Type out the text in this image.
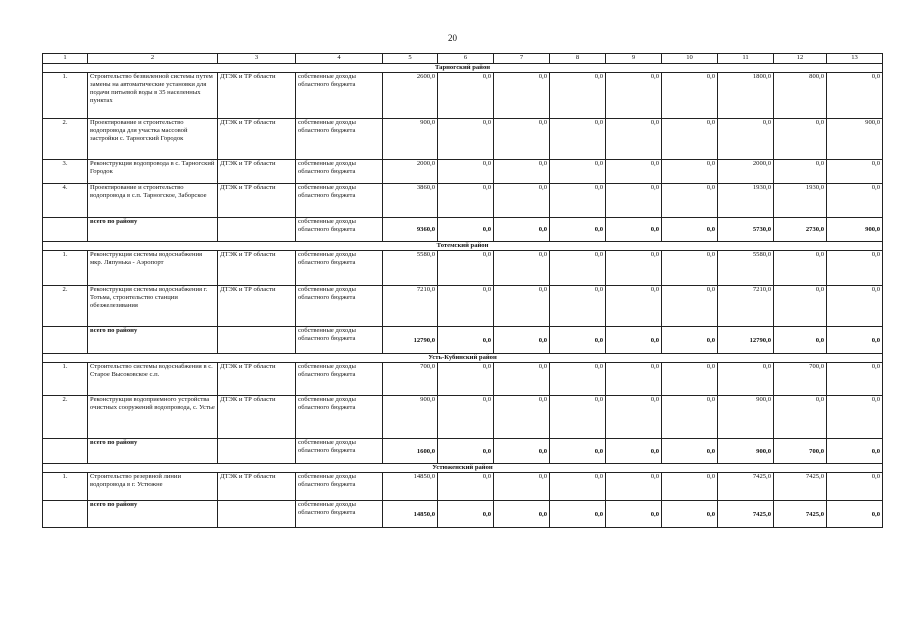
20
1	2	3	4	5	6	7	8	9	10	11	12	13
Тарногский район												
1.	Строительство безвиленной системы путем замены на автоматические установки для подачи питьевой воды в 35 населенных пунктах	ДТЭК и ТР области	собственные доходы областного бюджета	2600,0	0,0	0,0	0,0	0,0	0,0	1800,0	800,0	0,0
2.	Проектирование и строительство водопровода для участка массовой застройки с. Тарногский Городок	ДТЭК и ТР области	собственные доходы областного бюджета	900,0	0,0	0,0	0,0	0,0	0,0	0,0	0,0	900,0
3.	Реконструкция водопровода в с. Тарногский Городок	ДТЭК и ТР области	собственные доходы областного бюджета	2000,0	0,0	0,0	0,0	0,0	0,0	2000,0	0,0	0,0
4.	Проектирование и строительство водопровода в с.п. Тарногское, Заборское	ДТЭК и ТР области	собственные доходы областного бюджета	3860,0	0,0	0,0	0,0	0,0	0,0	1930,0	1930,0	0,0
	всего по району		собственные доходы областного бюджета	9360,0	0,0	0,0	0,0	0,0	0,0	5730,0	2730,0	900,0
Тотемский район												
1.	Реконструкция системы водоснабжения мкр. Ляпунька - Аэропорт	ДТЭК и ТР области	собственные доходы областного бюджета	5580,0	0,0	0,0	0,0	0,0	0,0	5580,0	0,0	0,0
2.	Реконструкция системы водоснабжения г. Тотьма, строительство станции обезжелезивания	ДТЭК и ТР области	собственные доходы областного бюджета	7210,0	0,0	0,0	0,0	0,0	0,0	7210,0	0,0	0,0
	всего по району		собственные доходы областного бюджета	12790,0	0,0	0,0	0,0	0,0	0,0	12790,0	0,0	0,0
Усть-Кубинский район												
1.	Строительство системы водоснабжения в с. Старое Высоковское с.п.	ДТЭК и ТР области	собственные доходы областного бюджета	700,0	0,0	0,0	0,0	0,0	0,0	0,0	700,0	0,0
2.	Реконструкция водоприемного устройства очистных сооружений водопровода, с. Устье	ДТЭК и ТР области	собственные доходы областного бюджета	900,0	0,0	0,0	0,0	0,0	0,0	900,0	0,0	0,0
	всего по району		собственные доходы областного бюджета	1600,0	0,0	0,0	0,0	0,0	0,0	900,0	700,0	0,0
Устюженский район												
1.	Строительство резервной линии водопровода в г. Устюжне	ДТЭК и ТР области	собственные доходы областного бюджета	14850,0	0,0	0,0	0,0	0,0	0,0	7425,0	7425,0	0,0
	всего по району		собственные доходы областного бюджета	14850,0	0,0	0,0	0,0	0,0	0,0	7425,0	7425,0	0,0
